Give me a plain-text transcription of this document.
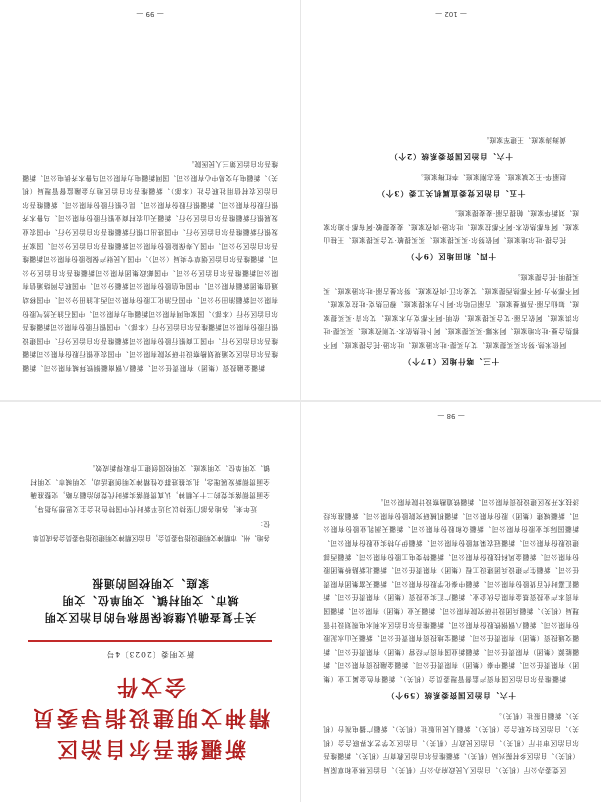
区党委办公厅（机关）、自治区人民政府办公厅（机关）、自治区林业和草原局（机关）、自治区乡村振兴局（机关）、新疆维吾尔自治区教育厅（机关）、新疆维吾尔自治区审计厅（机关）、自治区民政厅（机关）、自治区文学艺术界联合会（机关）、自治区妇女联合会（机关）、新疆人民出版社（机关）、新疆广播电视台（机关）、新疆日报社（机关）。

十六、自治区国资委系统（59个）

新疆维吾尔自治区国有资产监督管理委员会（机关）、新疆有色金属工业（集团）有限责任公司、新疆中泰（集团）有限责任公司、新疆金融投资有限公司、新疆能源（集团）有限责任公司、新疆新业国有资产经营（集团）有限责任公司、新疆交通投资（集团）有限责任公司、新疆宝地投资有限责任公司、新疆天山水泥股份有限公司、新疆八钢钢铁股份有限公司、新疆维吾尔自治区水利水电规划设计管理局（机关）、新疆兵团设计研究院有限公司、新疆天业（集团）有限公司、新疆国有资本产业投资基金有限合伙企业、新疆广汇实业投资（集团）有限责任公司、新疆汇嘉时代百货股份有限公司、新疆中泰化学股份有限公司、新疆天富集团有限责任公司、新疆生产建设兵团建设工程（集团）有限责任公司、新疆北新路桥集团股份有限公司、新疆金风科技股份有限公司、新疆特变电工股份有限公司、新疆西部建设股份有限公司、新疆冠农果茸股份有限公司、新疆伊力特实业股份有限公司、新疆国际实业股份有限公司、新疆众和股份有限公司、新疆天润乳业股份有限公司、新疆城建（集团）股份有限公司、新疆机械研究院股份有限公司、新疆准东经济技术开发区建设投资有限公司、新疆铁道勘察设计院有限公司。

— 98 —
新疆维吾尔自治区
精神文明建设指导委员会文件
新文明委〔2023〕4号
关于复查确认继续保留称号的自治区文明
城市、文明村镇、文明单位、文明
家庭、文明校园的通报

各地、州、市精神文明建设指导委员会，自治区精神文明建设指导委员会各成员单位：

近年来，各地各部门坚持以习近平新时代中国特色社会主义思想为指导，全面贯彻落实党的二十大精神，认真贯彻落实新时代党的治疆方略，完整准确全面贯彻新发展理念，扎实推进群众性精神文明创建活动，文明城市、文明村镇、文明单位、文明家庭、文明校园创建工作取得新成效。

十三、喀什地区（17个）

阿依米热·努尔买买提家庭、艾力买提·吐尔逊家庭、吐尔逊·托合提家庭、阿不都热合曼·吐尔地家庭、阿米娜·买买提家庭、阿卜杜热依木·艾则孜家庭、买买提·吐尔洪家庭、阿依古丽·艾合买提家庭、依明·阿不都克力木家庭、艾尔肯·买买提家庭、如仙古丽·吾斯曼家庭、古丽巴哈尔·阿卜力米提家庭、穆巴热克·吐拉克家庭、阿不都外力·阿不都热西提家庭、艾麦尔江·肉孜家庭、努尔曼古丽·吐尔逊家庭、买买提明·托合提家庭。

十四、和田地区（9个）

托合提·吐尔地家庭、阿依努尔·买买提家庭、买买提敏·艾合买提家庭、王桂山家庭、阿布都热依木·阿不都拉家庭、吐尔逊·肉孜家庭、麦麦提敏·阿布都卡迪尔家庭、刘新华家庭、帕提古丽·麦麦提家庭。

十五、自治区党委直属机关工委（3个）

赵丽华·王文斌家庭、张志刚家庭、李红梅家庭。

十六、自治区国资委系统（2个）

黄海涛家庭、王建军家庭。

— 102 —

新疆金融投资（集团）有限责任公司、新疆八钢南疆钢铁拜城有限公司、新疆维吾尔自治区交通规划勘察设计研究院有限公司、中国农业银行股份有限公司新疆维吾尔自治区分行、中国工商银行股份有限公司新疆维吾尔自治区分行、中国建设银行股份有限公司新疆维吾尔自治区分行（本部）、中国银行股份有限公司新疆维吾尔自治区分行（本部）、国家电网有限公司新疆电力有限公司、中国石油天然气股份有限公司新疆油田分公司、中国石油化工股份有限公司西北油田分公司、中国移动通信集团新疆有限公司、中国电信股份有限公司新疆分公司、中国联合网络通信有限公司新疆维吾尔自治区分公司、中国邮政集团有限公司新疆维吾尔自治区分公司、新疆维吾尔自治区烟草专卖局（公司）、中国人民财产保险股份有限公司新疆维吾尔自治区分公司、中国人寿保险股份有限公司新疆维吾尔自治区分公司、国家开发银行新疆维吾尔自治区分行、中国进出口银行新疆维吾尔自治区分行、中国农业发展银行新疆维吾尔自治区分行、新疆天山农村商业银行股份有限公司、乌鲁木齐银行股份有限公司、新疆银行股份有限公司、昆仑银行股份有限公司、新疆维吾尔自治区农村信用社联合社（本部）、新疆维吾尔自治区地方金融监督管理局（机关）、新疆电力交易中心有限公司、国网新疆电力有限公司乌鲁木齐供电公司、新疆维吾尔自治区第三人民医院。

— 99 —
